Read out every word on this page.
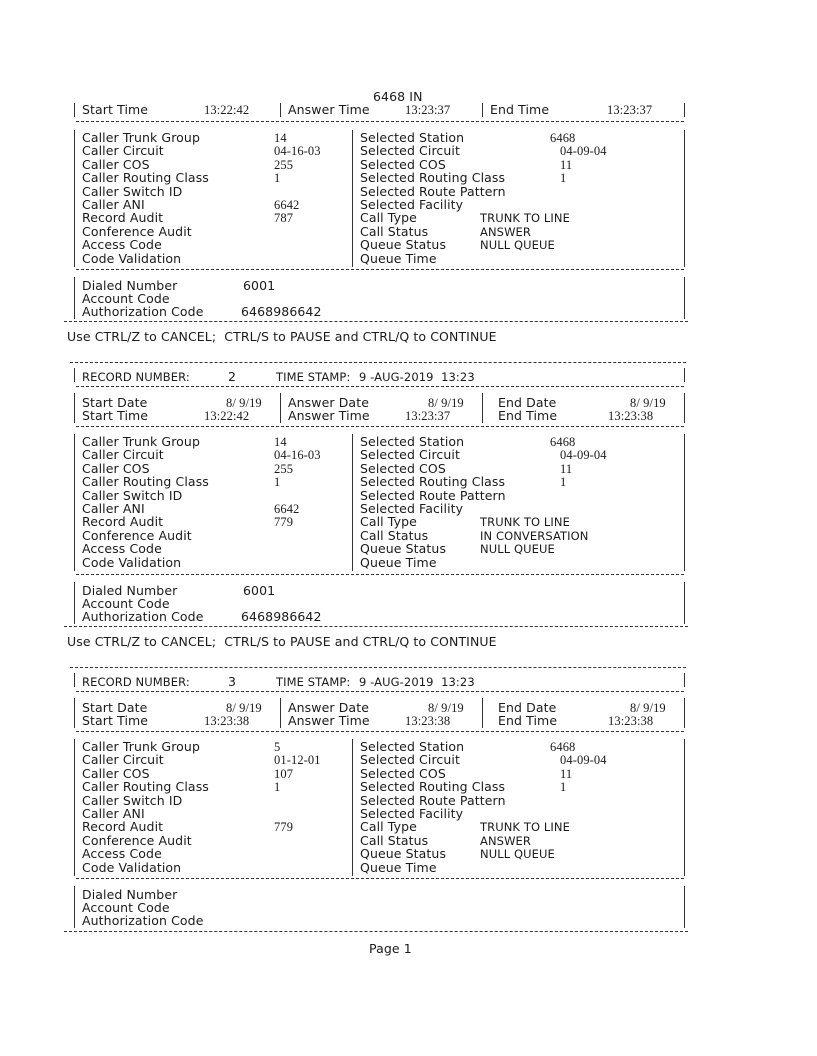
6468 IN
Start Time	13:22:42	Answer Time	13:23:37	End Time	13:23:37
Caller Trunk Group	14
Caller Circuit	04-16-03
Caller COS	255
Caller Routing Class	1
Caller Switch ID
Caller ANI	6642
Record Audit	787
Conference Audit
Access Code
Code Validation
Selected Station	6468
Selected Circuit	04-09-04
Selected COS	11
Selected Routing Class	1
Selected Route Pattern
Selected Facility
Call Type	TRUNK TO LINE
Call Status	ANSWER
Queue Status	NULL QUEUE
Queue Time
Dialed Number	6001
Account Code
Authorization Code	6468986642
Use CTRL/Z to CANCEL;  CTRL/S to PAUSE and CTRL/Q to CONTINUE
RECORD NUMBER:	2	TIME STAMP: 9 -AUG-2019  13:23
Start Date	8/ 9/19
Start Time	13:22:42
Answer Date	8/ 9/19
Answer Time	13:23:37
End Date	8/ 9/19
End Time	13:23:38
Caller Trunk Group	14
Caller Circuit	04-16-03
Caller COS	255
Caller Routing Class	1
Caller Switch ID
Caller ANI	6642
Record Audit	779
Conference Audit
Access Code
Code Validation
Selected Station	6468
Selected Circuit	04-09-04
Selected COS	11
Selected Routing Class	1
Selected Route Pattern
Selected Facility
Call Type	TRUNK TO LINE
Call Status	IN CONVERSATION
Queue Status	NULL QUEUE
Queue Time
Dialed Number	6001
Account Code
Authorization Code	6468986642
Use CTRL/Z to CANCEL;  CTRL/S to PAUSE and CTRL/Q to CONTINUE
RECORD NUMBER:	3	TIME STAMP: 9 -AUG-2019  13:23
Start Date	8/ 9/19
Start Time	13:23:38
Answer Date	8/ 9/19
Answer Time	13:23:38
End Date	8/ 9/19
End Time	13:23:38
Caller Trunk Group	5
Caller Circuit	01-12-01
Caller COS	107
Caller Routing Class	1
Caller Switch ID
Caller ANI
Record Audit	779
Conference Audit
Access Code
Code Validation
Selected Station	6468
Selected Circuit	04-09-04
Selected COS	11
Selected Routing Class	1
Selected Route Pattern
Selected Facility
Call Type	TRUNK TO LINE
Call Status	ANSWER
Queue Status	NULL QUEUE
Queue Time
Dialed Number
Account Code
Authorization Code
Page 1
